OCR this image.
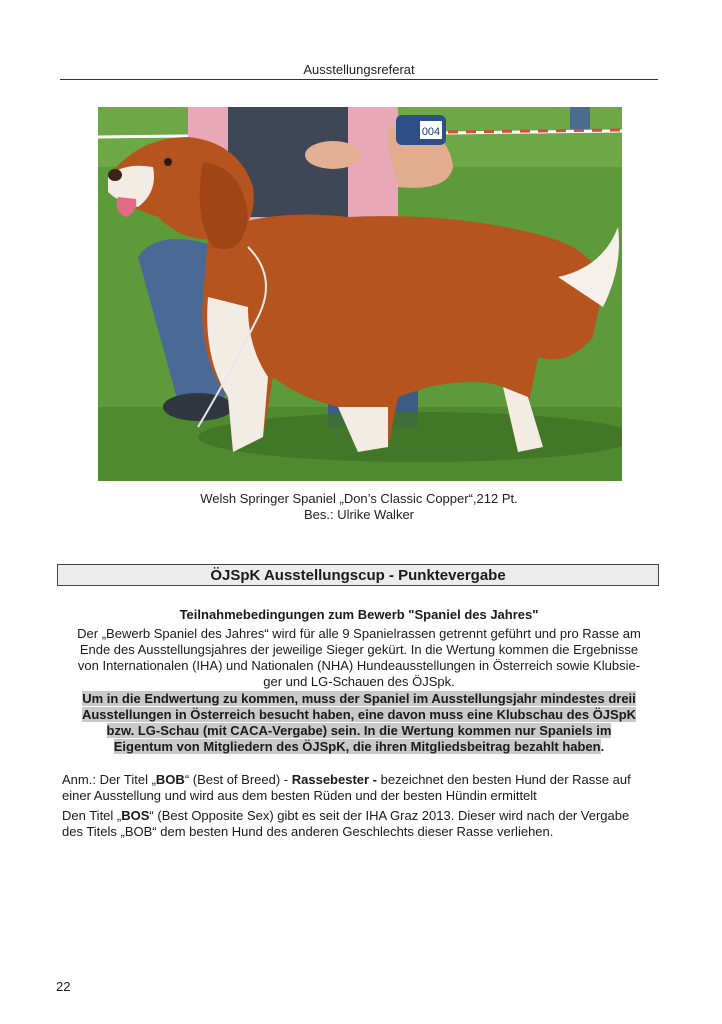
Ausstellungsreferat
004
Welsh Springer Spaniel „Don’s Classic Copper“,212 Pt.
Bes.: Ulrike Walker
ÖJSpK Ausstellungscup - Punktevergabe
Teilnahmebedingungen zum Bewerb "Spaniel des Jahres"
Der „Bewerb Spaniel des Jahres“ wird für alle 9 Spanielrassen getrennt geführt und pro Rasse am
Ende des Ausstellungsjahres der jeweilige Sieger gekürt. In die Wertung kommen die Ergebnisse
von Internationalen (IHA) und Nationalen (NHA) Hundeausstellungen in Österreich sowie Klubsie-
ger und LG-Schauen des ÖJSpk.
Um in die Endwertung zu kommen, muss der Spaniel im Ausstellungsjahr mindestes dreii
Ausstellungen in Österreich besucht haben, eine davon muss eine Klubschau des ÖJSpK
bzw. LG-Schau (mit CACA-Vergabe) sein. In die Wertung kommen nur Spaniels im
Eigentum von Mitgliedern des ÖJSpK, die ihren Mitgliedsbeitrag bezahlt haben.
Anm.: Der Titel „BOB“ (Best of Breed) - Rassebester - bezeichnet den besten Hund der Rasse auf
einer Ausstellung und wird aus dem besten Rüden und der besten Hündin ermittelt
Den Titel „BOS“ (Best Opposite Sex) gibt es seit der IHA Graz 2013. Dieser wird nach der Vergabe
des Titels „BOB“ dem besten Hund des anderen Geschlechts dieser Rasse verliehen.
22
